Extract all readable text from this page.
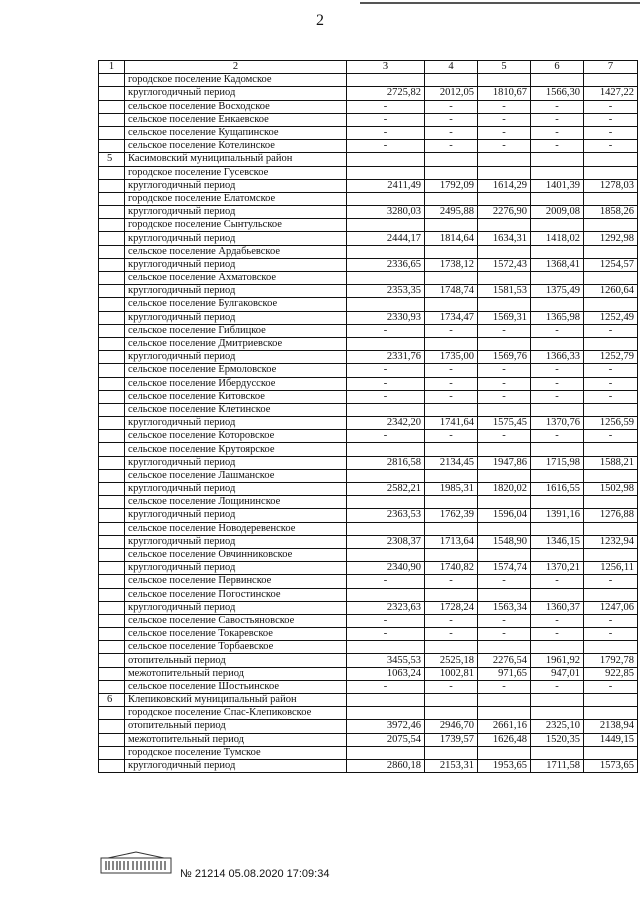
2
1	2	3	4	5	6	7
	городское поселение Кадомское					
	круглогодичный период	2725,82	2012,05	1810,67	1566,30	1427,22
	сельское поселение Восходское	-	-	-	-	-
	сельское поселение Енкаевское	-	-	-	-	-
	сельское поселение Кущапинское	-	-	-	-	-
	сельское поселение Котелинское	-	-	-	-	-
5	Касимовский муниципальный район					
	городское поселение Гусевское					
	круглогодичный период	2411,49	1792,09	1614,29	1401,39	1278,03
	городское поселение Елатомское					
	круглогодичный период	3280,03	2495,88	2276,90	2009,08	1858,26
	городское поселение Сынтульское					
	круглогодичный период	2444,17	1814,64	1634,31	1418,02	1292,98
	сельское поселение Ардабьевское					
	круглогодичный период	2336,65	1738,12	1572,43	1368,41	1254,57
	сельское поселение Ахматовское					
	круглогодичный период	2353,35	1748,74	1581,53	1375,49	1260,64
	сельское поселение Булгаковское					
	круглогодичный период	2330,93	1734,47	1569,31	1365,98	1252,49
	сельское поселение Гиблицкое	-	-	-	-	-
	сельское поселение Дмитриевское					
	круглогодичный период	2331,76	1735,00	1569,76	1366,33	1252,79
	сельское поселение Ермоловское	-	-	-	-	-
	сельское поселение Ибердусское	-	-	-	-	-
	сельское поселение Китовское	-	-	-	-	-
	сельское поселение Клетинское					
	круглогодичный период	2342,20	1741,64	1575,45	1370,76	1256,59
	сельское поселение Которовское	-	-	-	-	-
	сельское поселение Крутоярское					
	круглогодичный период	2816,58	2134,45	1947,86	1715,98	1588,21
	сельское поселение Лашманское					
	круглогодичный период	2582,21	1985,31	1820,02	1616,55	1502,98
	сельское поселение Лощининское					
	круглогодичный период	2363,53	1762,39	1596,04	1391,16	1276,88
	сельское поселение Новодеревенское					
	круглогодичный период	2308,37	1713,64	1548,90	1346,15	1232,94
	сельское поселение Овчинниковское					
	круглогодичный период	2340,90	1740,82	1574,74	1370,21	1256,11
	сельское поселение Первинское	-	-	-	-	-
	сельское поселение Погостинское					
	круглогодичный период	2323,63	1728,24	1563,34	1360,37	1247,06
	сельское поселение Савостьяновское	-	-	-	-	-
	сельское поселение Токаревское	-	-	-	-	-
	сельское поселение Торбаевское					
	отопительный период	3455,53	2525,18	2276,54	1961,92	1792,78
	межотопительный период	1063,24	1002,81	971,65	947,01	922,85
	сельское поселение Шостьинское	-	-	-	-	-
6	Клепиковский муниципальный район					
	городское поселение Спас-Клепиковское					
	отопительный период	3972,46	2946,70	2661,16	2325,10	2138,94
	межотопительный период	2075,54	1739,57	1626,48	1520,35	1449,15
	городское поселение Тумское					
	круглогодичный период	2860,18	2153,31	1953,65	1711,58	1573,65
№ 21214 05.08.2020 17:09:34
